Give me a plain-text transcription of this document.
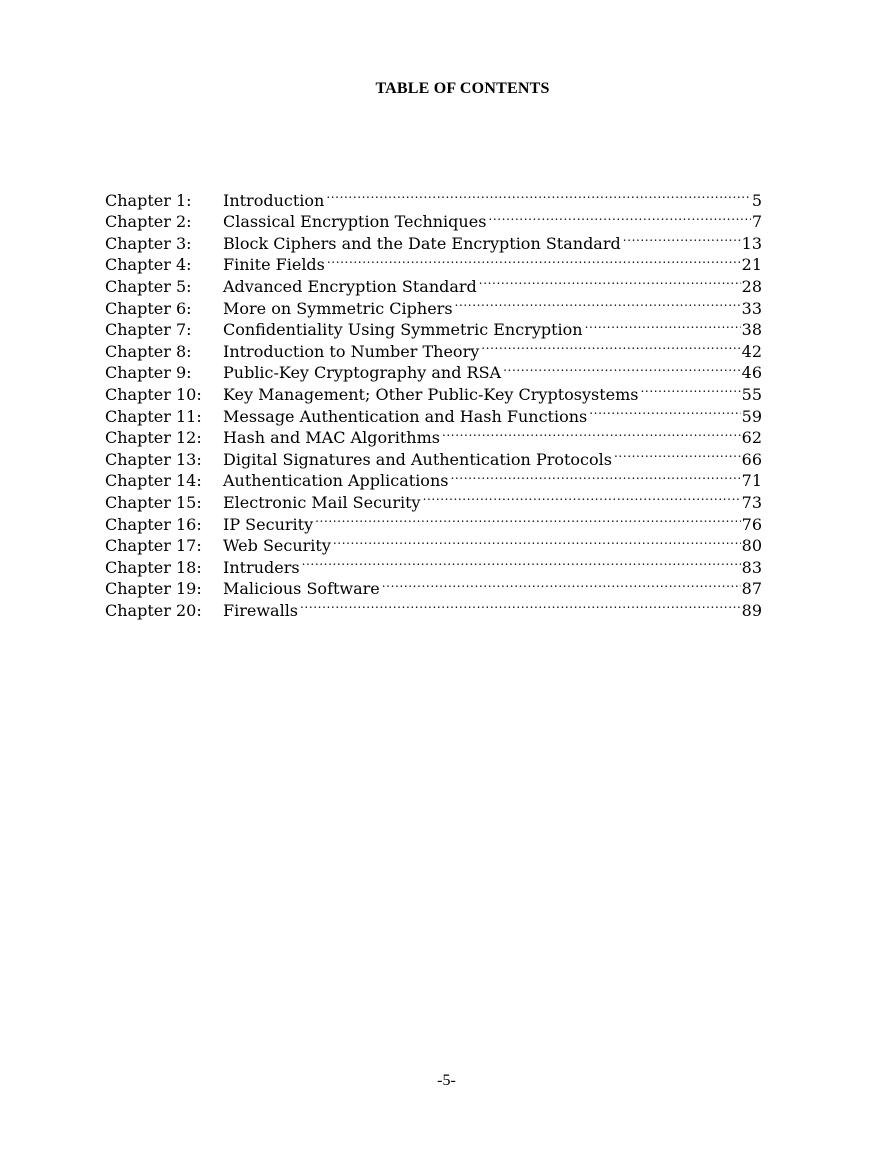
TABLE OF CONTENTS
Chapter 1:	Introduction .....	5
Chapter 2:	Classical Encryption Techniques .....	7
Chapter 3:	Block Ciphers and the Date Encryption Standard .....	13
Chapter 4:	Finite Fields .....	21
Chapter 5:	Advanced Encryption Standard .....	28
Chapter 6:	More on Symmetric Ciphers .....	33
Chapter 7:	Confidentiality Using Symmetric Encryption .....	38
Chapter 8:	Introduction to Number Theory .....	42
Chapter 9:	Public-Key Cryptography and RSA .....	46
Chapter 10:	Key Management; Other Public-Key Cryptosystems .....	55
Chapter 11:	Message Authentication and Hash Functions .....	59
Chapter 12:	Hash and MAC Algorithms .....	62
Chapter 13:	Digital Signatures and Authentication Protocols .....	66
Chapter 14:	Authentication Applications .....	71
Chapter 15:	Electronic Mail Security .....	73
Chapter 16:	IP Security .....	76
Chapter 17:	Web Security .....	80
Chapter 18:	Intruders .....	83
Chapter 19:	Malicious Software .....	87
Chapter 20:	Firewalls .....	89
-5-
